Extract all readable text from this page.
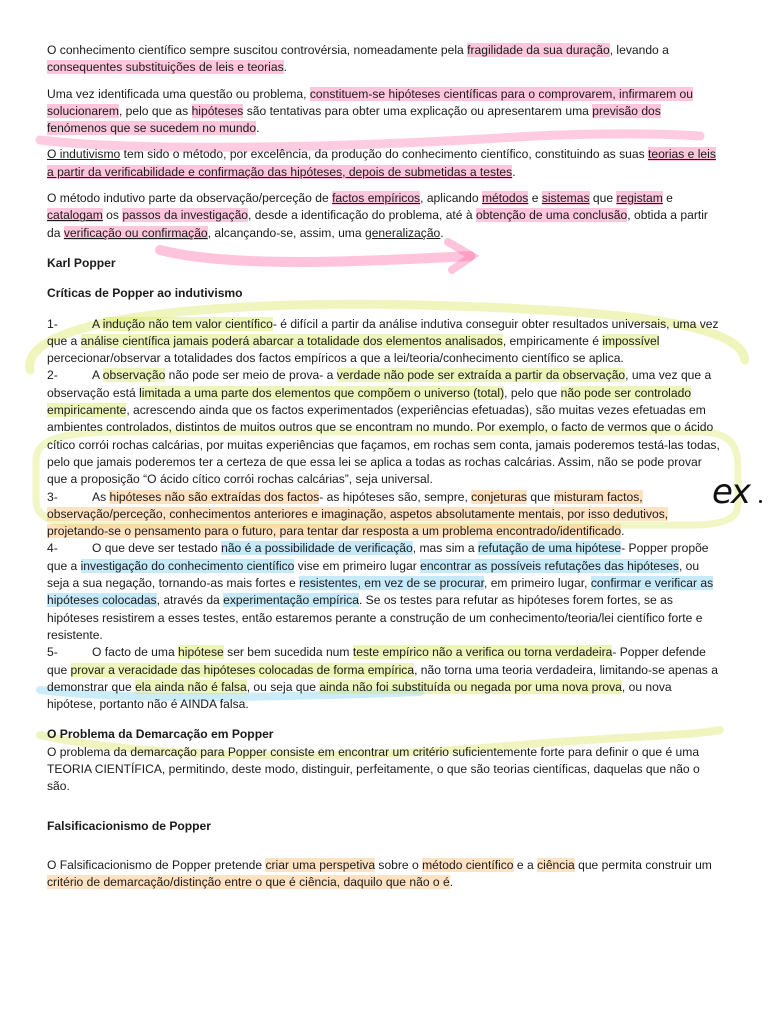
ex

O conhecimento científico sempre suscitou controvérsia, nomeadamente pela fragilidade da sua duração, levando a consequentes substituições de leis e teorias.

Uma vez identificada uma questão ou problema, constituem-se hipóteses científicas para o comprovarem, infirmarem ou solucionarem, pelo que as hipóteses são tentativas para obter uma explicação ou apresentarem uma previsão dos fenómenos que se sucedem no mundo.

O indutivismo tem sido o método, por excelência, da produção do conhecimento científico, constituindo as suas teorias e leis a partir da verificabilidade e confirmação das hipóteses, depois de submetidas a testes.

O método indutivo parte da observação/perceção de factos empíricos, aplicando métodos e sistemas que registam e catalogam os passos da investigação, desde a identificação do problema, até à obtenção de uma conclusão, obtida a partir da verificação ou confirmação, alcançando-se, assim, uma generalização.

Karl Popper

Críticas de Popper ao indutivismo

1-	A indução não tem valor científico- é difícil a partir da análise indutiva conseguir obter resultados universais, uma vez que a análise científica jamais poderá abarcar a totalidade dos elementos analisados, empiricamente é impossível percecionar/observar a totalidades dos factos empíricos a que a lei/teoria/conhecimento científico se aplica.

2-	A observação não pode ser meio de prova- a verdade não pode ser extraída a partir da observação, uma vez que a observação está limitada a uma parte dos elementos que compõem o universo (total), pelo que não pode ser controlado empiricamente, acrescendo ainda que os factos experimentados (experiências efetuadas), são muitas vezes efetuadas em ambientes controlados, distintos de muitos outros que se encontram no mundo. Por exemplo, o facto de vermos que o ácido cítico corrói rochas calcárias, por muitas experiências que façamos, em rochas sem conta, jamais poderemos testá-las todas, pelo que jamais poderemos ter a certeza de que essa lei se aplica a todas as rochas calcárias. Assim, não se pode provar que a proposição “O ácido cítico corrói rochas calcárias”, seja universal.

3-	As hipóteses não são extraídas dos factos- as hipóteses são, sempre, conjeturas que misturam factos, observação/perceção, conhecimentos anteriores e imaginação, aspetos absolutamente mentais, por isso dedutivos, projetando-se o pensamento para o futuro, para tentar dar resposta a um problema encontrado/identificado.

4-	O que deve ser testado não é a possibilidade de verificação, mas sim a refutação de uma hipótese- Popper propõe que a investigação do conhecimento científico vise em primeiro lugar encontrar as possíveis refutações das hipóteses, ou seja a sua negação, tornando-as mais fortes e resistentes, em vez de se procurar, em primeiro lugar, confirmar e verificar as hipóteses colocadas, através da experimentação empírica. Se os testes para refutar as hipóteses forem fortes, se as hipóteses resistirem a esses testes, então estaremos perante a construção de um conhecimento/teoria/lei científico forte e resistente.

5-	O facto de uma hipótese ser bem sucedida num teste empírico não a verifica ou torna verdadeira- Popper defende que provar a veracidade das hipóteses colocadas de forma empírica, não torna uma teoria verdadeira, limitando-se apenas a demonstrar que ela ainda não é falsa, ou seja que ainda não foi substituída ou negada por uma nova prova, ou nova hipótese, portanto não é AINDA falsa.

O Problema da Demarcação em Popper

O problema da demarcação para Popper consiste em encontrar um critério suficientemente forte para definir o que é uma TEORIA CIENTÍFICA, permitindo, deste modo, distinguir, perfeitamente, o que são teorias científicas, daquelas que não o são.

Falsificacionismo de Popper

O Falsificacionismo de Popper pretende criar uma perspetiva sobre o método científico e a ciência que permita construir um critério de demarcação/distinção entre o que é ciência, daquilo que não o é.
